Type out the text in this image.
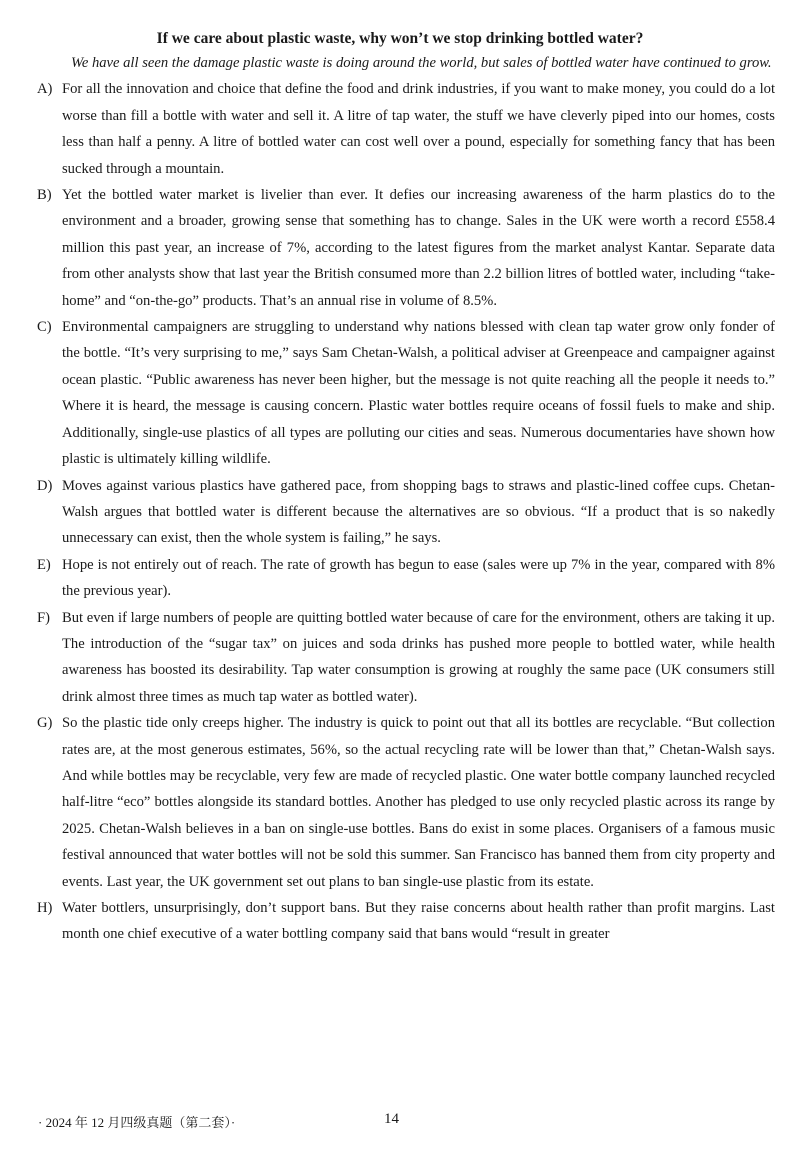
If we care about plastic waste, why won’t we stop drinking bottled water?

We have all seen the damage plastic waste is doing around the world, but sales of bottled water have continued to grow.

A) For all the innovation and choice that define the food and drink industries, if you want to make money, you could do a lot worse than fill a bottle with water and sell it. A litre of tap water, the stuff we have cleverly piped into our homes, costs less than half a penny. A litre of bottled water can cost well over a pound, especially for something fancy that has been sucked through a mountain.
B) Yet the bottled water market is livelier than ever. It defies our increasing awareness of the harm plastics do to the environment and a broader, growing sense that something has to change. Sales in the UK were worth a record £558.4 million this past year, an increase of 7%, according to the latest figures from the market analyst Kantar. Separate data from other analysts show that last year the British consumed more than 2.2 billion litres of bottled water, including “take-home” and “on-the-go” products. That’s an annual rise in volume of 8.5%.
C) Environmental campaigners are struggling to understand why nations blessed with clean tap water grow only fonder of the bottle. “It’s very surprising to me,” says Sam Chetan-Walsh, a political adviser at Greenpeace and campaigner against ocean plastic. “Public awareness has never been higher, but the message is not quite reaching all the people it needs to.” Where it is heard, the message is causing concern. Plastic water bottles require oceans of fossil fuels to make and ship. Additionally, single-use plastics of all types are polluting our cities and seas. Numerous documentaries have shown how plastic is ultimately killing wildlife.
D) Moves against various plastics have gathered pace, from shopping bags to straws and plastic-lined coffee cups. Chetan-Walsh argues that bottled water is different because the alternatives are so obvious. “If a product that is so nakedly unnecessary can exist, then the whole system is failing,” he says.
E) Hope is not entirely out of reach. The rate of growth has begun to ease (sales were up 7% in the year, compared with 8% the previous year).
F) But even if large numbers of people are quitting bottled water because of care for the environment, others are taking it up. The introduction of the “sugar tax” on juices and soda drinks has pushed more people to bottled water, while health awareness has boosted its desirability. Tap water consumption is growing at roughly the same pace (UK consumers still drink almost three times as much tap water as bottled water).
G) So the plastic tide only creeps higher. The industry is quick to point out that all its bottles are recyclable. “But collection rates are, at the most generous estimates, 56%, so the actual recycling rate will be lower than that,” Chetan-Walsh says. And while bottles may be recyclable, very few are made of recycled plastic. One water bottle company launched recycled half-litre “eco” bottles alongside its standard bottles. Another has pledged to use only recycled plastic across its range by 2025. Chetan-Walsh believes in a ban on single-use bottles. Bans do exist in some places. Organisers of a famous music festival announced that water bottles will not be sold this summer. San Francisco has banned them from city property and events. Last year, the UK government set out plans to ban single-use plastic from its estate.
H) Water bottlers, unsurprisingly, don’t support bans. But they raise concerns about health rather than profit margins. Last month one chief executive of a water bottling company said that bans would “result in greater
· 2024 年 12 月四级真题（第二套）·	14
